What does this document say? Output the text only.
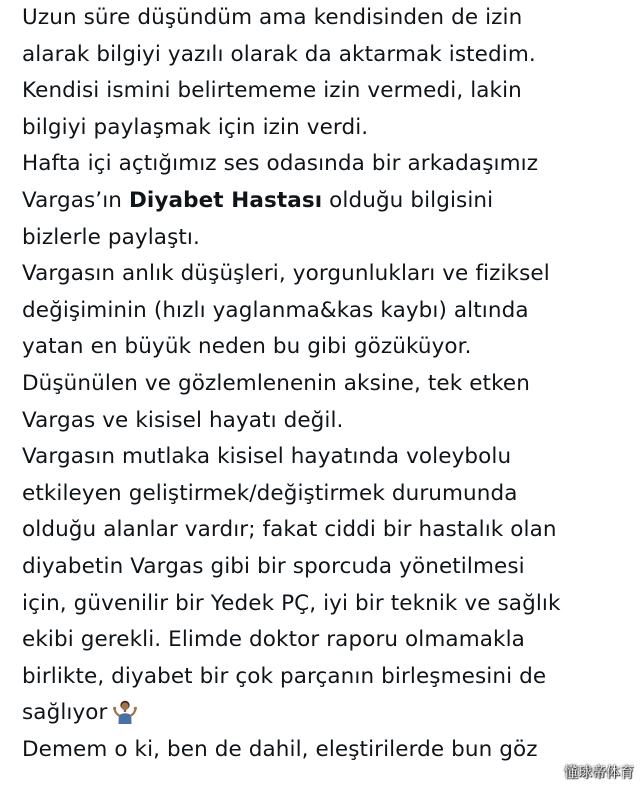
Uzun süre düşündüm ama kendisinden de izin
alarak bilgiyi yazılı olarak da aktarmak istedim.
Kendisi ismini belirtememe izin vermedi, lakin
bilgiyi paylaşmak için izin verdi.
Hafta içi açtığımız ses odasında bir arkadaşımız
Vargas’ın Diyabet Hastası olduğu bilgisini
bizlerle paylaştı.
Vargasın anlık düşüşleri, yorgunlukları ve fiziksel
değişiminin (hızlı yaglanma&kas kaybı) altında
yatan en büyük neden bu gibi gözüküyor.
Düşünülen ve gözlemlenenin aksine, tek etken
Vargas ve kisisel hayatı değil.
Vargasın mutlaka kisisel hayatında voleybolu
etkileyen geliştirmek/değiştirmek durumunda
olduğu alanlar vardır; fakat ciddi bir hastalık olan
diyabetin Vargas gibi bir sporcuda yönetilmesi
için, güvenilir bir Yedek PÇ, iyi bir teknik ve sağlık
ekibi gerekli. Elimde doktor raporu olmamakla
birlikte, diyabet bir çok parçanın birleşmesini de
sağlıyor
Demem o ki, ben de dahil, eleştirilerde bun göz
懂球帝体育
